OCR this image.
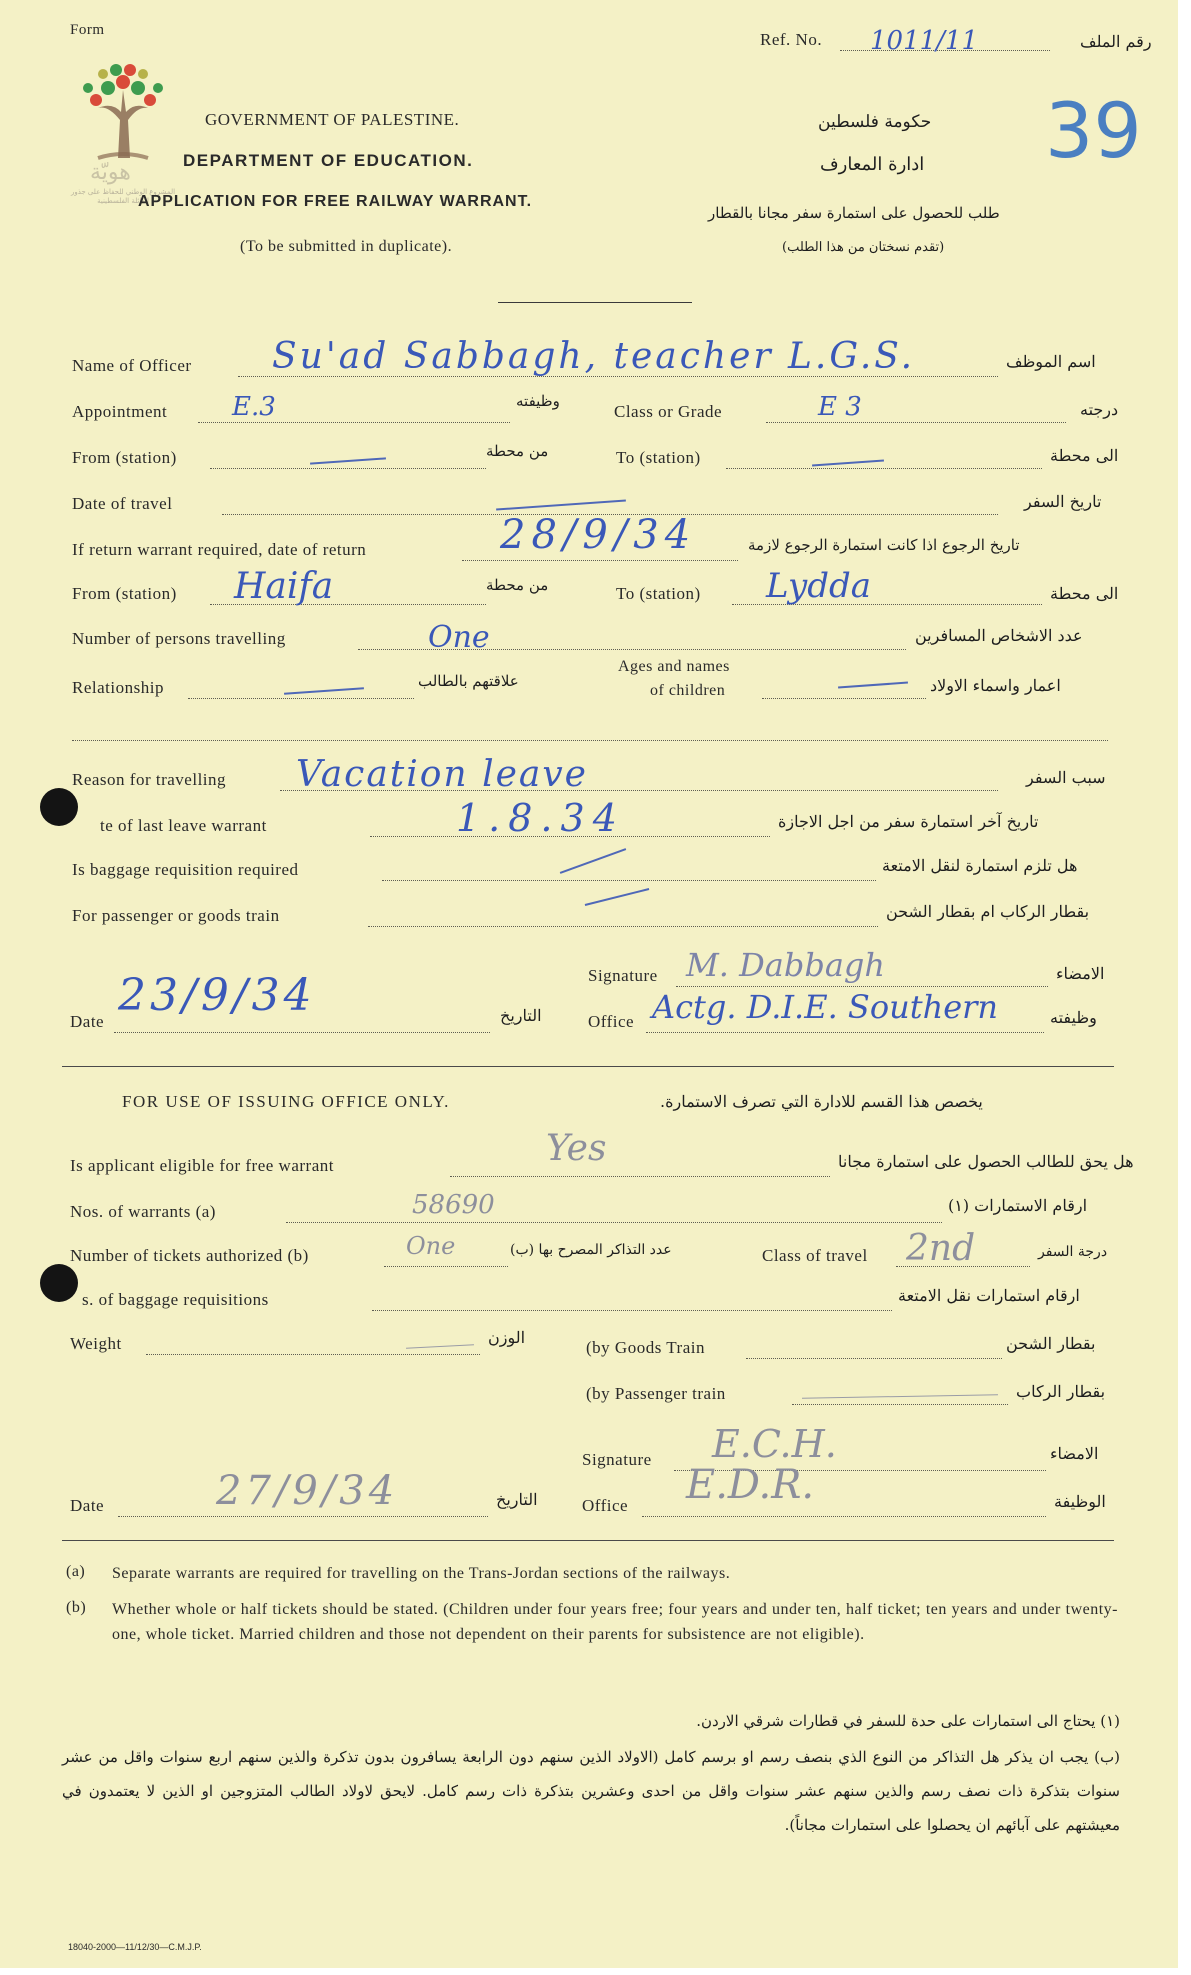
Form
هويّة
المشروع الوطني للحفاظ على جذور العائلة الفلسطينية
GOVERNMENT OF PALESTINE.
DEPARTMENT OF EDUCATION.
APPLICATION FOR FREE RAILWAY WARRANT.
(To be submitted in duplicate).
Ref. No. 1011/11	رقم الملف
39
حكومة فلسطين
ادارة المعارف
طلب للحصول على استمارة سفر مجانا بالقطار
(تقدم نسختان من هذا الطلب)
Name of Officer Su'ad Sabbagh, teacher L.G.S.	اسم الموظف
Appointment E.3	وظيفته
Class or Grade	E 3	درجته
From (station)	من محطة	To (station)	الى محطة
Date of travel	تاريخ السفر
If return warrant required, date of return	28/9/34	تاريخ الرجوع اذا كانت استمارة الرجوع لازمة
From (station) Haifa	من محطة	To (station) Lydda	الى محطة
Number of persons travelling	One	عدد الاشخاص المسافرين
Relationship	علاقتهم بالطالب
Ages and names
of children	اعمار واسماء الاولاد
Reason for travelling Vacation leave	سبب السفر
te of last leave warrant	1.8.34	تاريخ آخر استمارة سفر من اجل الاجازة
Is baggage requisition required	هل تلزم استمارة لنقل الامتعة
For passenger or goods train	بقطار الركاب ام بقطار الشحن
Signature M. Dabbagh	الامضاء
Date
23/9/34	التاريخ	Office Actg. D.I.E. Southern	وظيفته
FOR USE OF ISSUING OFFICE ONLY.	يخصص هذا القسم للادارة التي تصرف الاستمارة.
Is applicant eligible for free warrant	Yes	هل يحق للطالب الحصول على استمارة مجانا
Nos. of warrants (a)	58690	ارقام الاستمارات (١)
Number of tickets authorized (b)	One	عدد التذاكر المصرح بها (ب)	Class of travel 2nd	درجة السفر
s. of baggage requisitions	ارقام استمارات نقل الامتعة
Weight	الوزن
(by Goods Train	بقطار الشحن
(by Passenger train	بقطار الركاب
Signature E.C.H.	الامضاء
Date	27/9/34	التاريخ	Office E.D.R.	الوظيفة
(a) Separate warrants are required for travelling on the Trans-Jordan sections of the railways.
(b) Whether whole or half tickets should be stated. (Children under four years free; four years and under ten, half ticket; ten years and under twenty-one, whole ticket. Married children and those not dependent on their parents for subsistence are not eligible).
(١) يحتاج الى استمارات على حدة للسفر في قطارات شرقي الاردن.
(ب) يجب ان يذكر هل التذاكر من النوع الذي بنصف رسم او برسم كامل (الاولاد الذين سنهم دون الرابعة يسافرون بدون تذكرة والذين سنهم اربع سنوات واقل من عشر سنوات بتذكرة ذات نصف رسم والذين سنهم عشر سنوات واقل من احدى وعشرين بتذكرة ذات رسم كامل. لايحق لاولاد الطالب المتزوجين او الذين لا يعتمدون في معيشتهم على آبائهم ان يحصلوا على استمارات مجاناً).
18040-2000—11/12/30—C.M.J.P.
